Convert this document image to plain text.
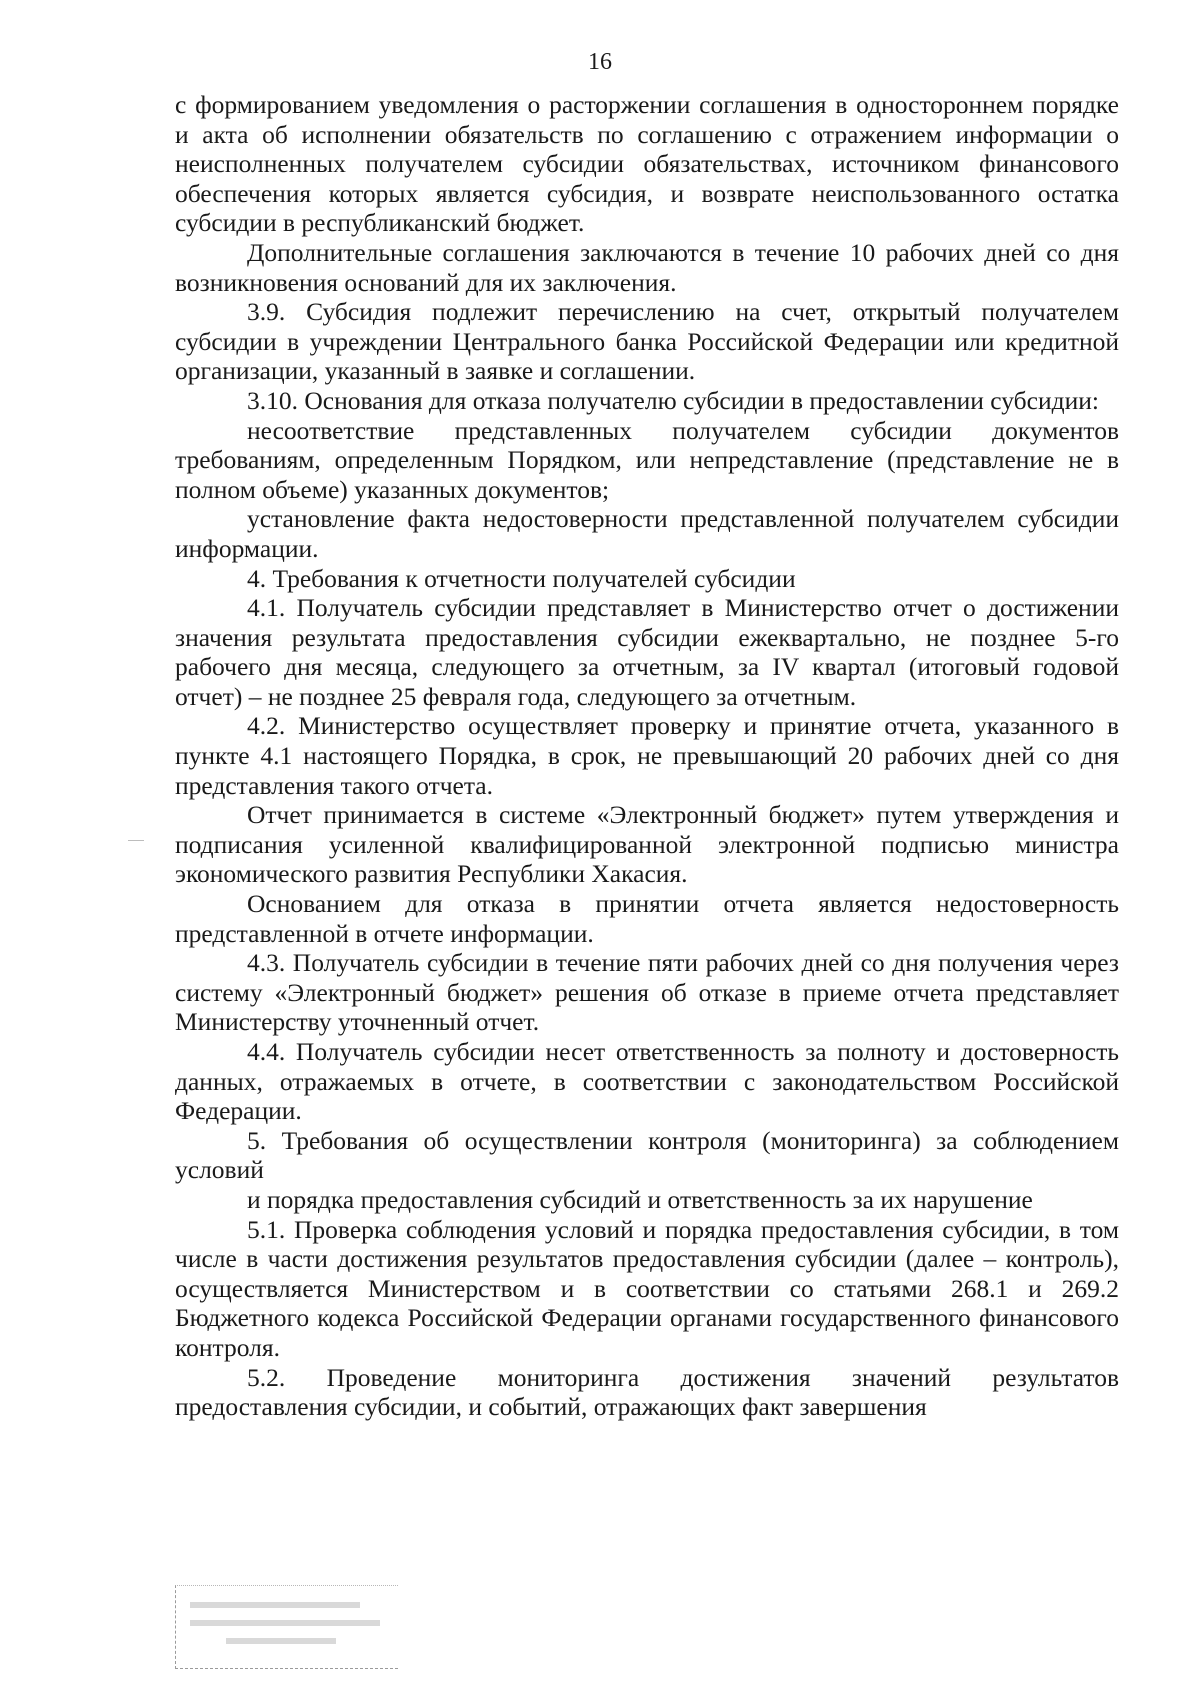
16

с формированием уведомления о расторжении соглашения в одностороннем порядке и акта об исполнении обязательств по соглашению с отражением информации о неисполненных получателем субсидии обязательствах, источником финансового обеспечения которых является субсидия, и возврате неиспользованного остатка субсидии в республиканский бюджет.

Дополнительные соглашения заключаются в течение 10 рабочих дней со дня возникновения оснований для их заключения.

3.9. Субсидия подлежит перечислению на счет, открытый получателем субсидии в учреждении Центрального банка Российской Федерации или кредитной организации, указанный в заявке и соглашении.

3.10. Основания для отказа получателю субсидии в предоставлении субсидии:

несоответствие представленных получателем субсидии документов требованиям, определенным Порядком, или непредставление (представление не в полном объеме) указанных документов;

установление факта недостоверности представленной получателем субсидии информации.

4. Требования к отчетности получателей субсидии

4.1. Получатель субсидии представляет в Министерство отчет о достижении значения результата предоставления субсидии ежеквартально, не позднее 5-го рабочего дня месяца, следующего за отчетным, за IV квартал (итоговый годовой отчет) – не позднее 25 февраля года, следующего за отчетным.

4.2. Министерство осуществляет проверку и принятие отчета, указанного в пункте 4.1 настоящего Порядка, в срок, не превышающий 20 рабочих дней со дня представления такого отчета.

Отчет принимается в системе «Электронный бюджет» путем утверждения и подписания усиленной квалифицированной электронной подписью министра экономического развития Республики Хакасия.

Основанием для отказа в принятии отчета является недостоверность представленной в отчете информации.

4.3. Получатель субсидии в течение пяти рабочих дней со дня получения через систему «Электронный бюджет» решения об отказе в приеме отчета представляет Министерству уточненный отчет.

4.4. Получатель субсидии несет ответственность за полноту и достоверность данных, отражаемых в отчете, в соответствии с законодательством Российской Федерации.

5. Требования об осуществлении контроля (мониторинга) за соблюдением условий
и порядка предоставления субсидий и ответственность за их нарушение

5.1. Проверка соблюдения условий и порядка предоставления субсидии, в том числе в части достижения результатов предоставления субсидии (далее – контроль), осуществляется Министерством и в соответствии со статьями 268.1 и 269.2 Бюджетного кодекса Российской Федерации органами государственного финансового контроля.

5.2. Проведение мониторинга достижения значений результатов предоставления субсидии, и событий, отражающих факт завершения
